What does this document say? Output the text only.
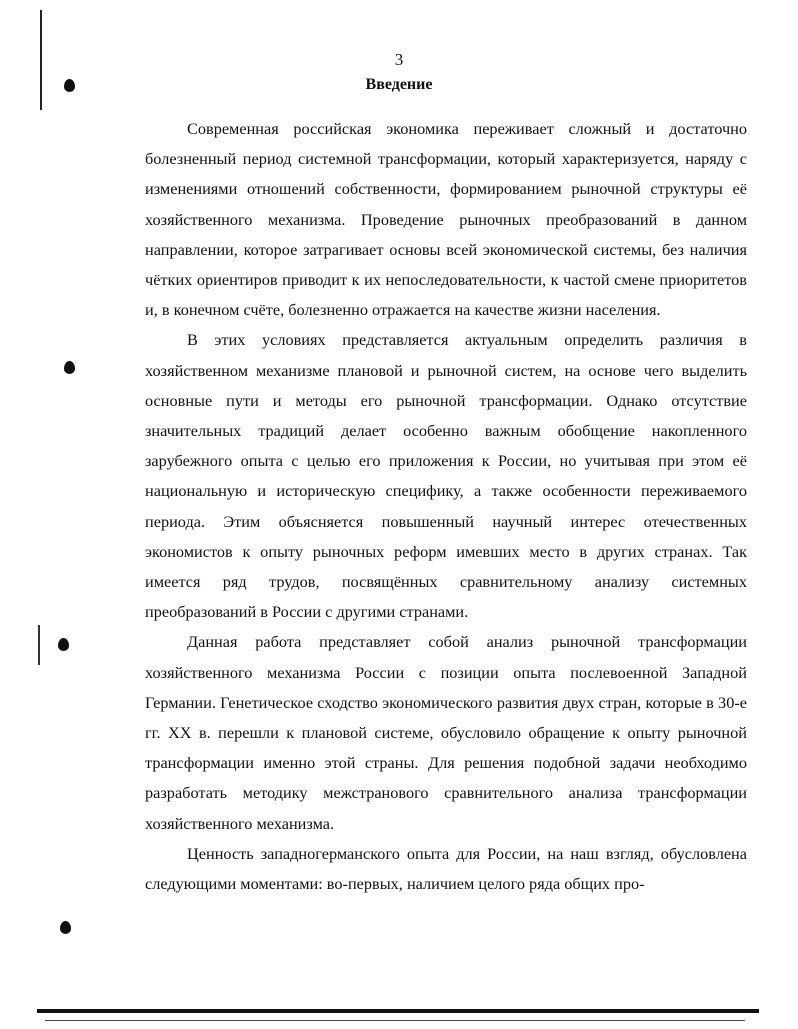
3
Введение

Современная российская экономика переживает сложный и достаточно болезненный период системной трансформации, который характеризуется, наряду с изменениями отношений собственности, формированием рыночной структуры её хозяйственного механизма. Проведение рыночных преобразований в данном направлении, которое затрагивает основы всей экономической системы, без наличия чётких ориентиров приводит к их непоследовательности, к частой смене приоритетов и, в конечном счёте, болезненно отражается на качестве жизни населения.

В этих условиях представляется актуальным определить различия в хозяйственном механизме плановой и рыночной систем, на основе чего выделить основные пути и методы его рыночной трансформации. Однако отсутствие значительных традиций делает особенно важным обобщение накопленного зарубежного опыта с целью его приложения к России, но учитывая при этом её национальную и историческую специфику, а также особенности переживаемого периода. Этим объясняется повышенный научный интерес отечественных экономистов к опыту рыночных реформ имевших место в других странах. Так имеется ряд трудов, посвящённых сравнительному анализу системных преобразований в России с другими странами.

Данная работа представляет собой анализ рыночной трансформации хозяйственного механизма России с позиции опыта послевоенной Западной Германии. Генетическое сходство экономического развития двух стран, которые в 30-е гг. XX в. перешли к плановой системе, обусловило обращение к опыту рыночной трансформации именно этой страны. Для решения подобной задачи необходимо разработать методику межстранового сравнительного анализа трансформации хозяйственного механизма.

Ценность западногерманского опыта для России, на наш взгляд, обусловлена следующими моментами: во-первых, наличием целого ряда общих про-
